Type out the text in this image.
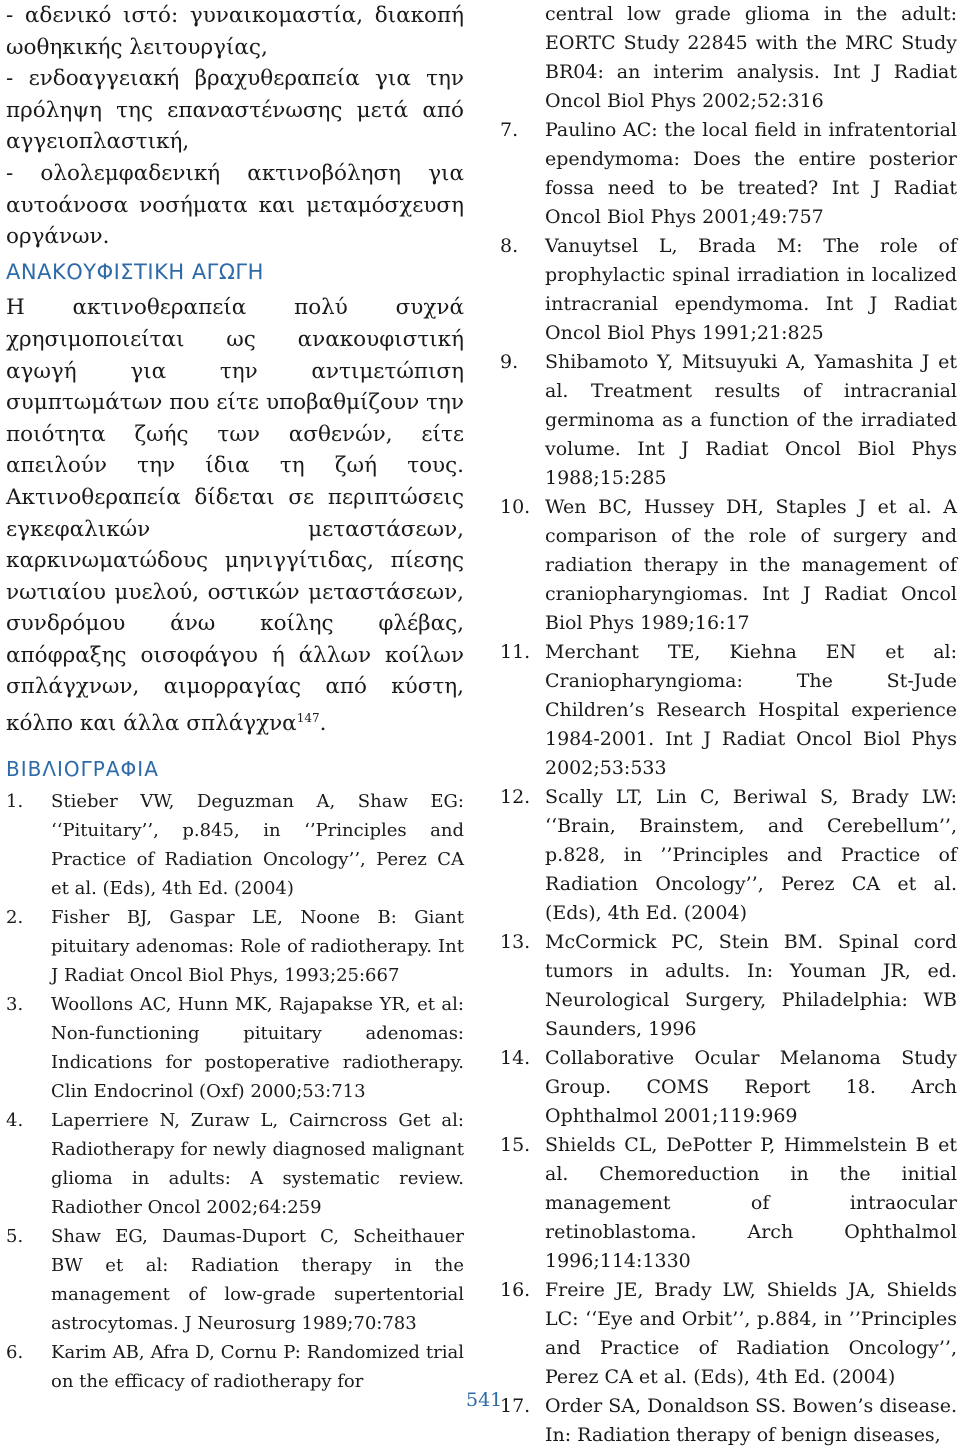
- αδενικό ιστό: γυναικομαστία, διακοπή ωοθηκικής λειτουργίας,

- ενδοαγγειακή βραχυθεραπεία για την πρόληψη της επαναστένωσης μετά από αγγειοπλαστική,

- ολολεμφαδενική ακτινοβόληση για αυτοάνοσα νοσήματα και μεταμόσχευση οργάνων.

ΑΝΑΚΟΥΦΙΣΤΙΚΗ ΑΓΩΓΗ

Η ακτινοθεραπεία πολύ συχνά χρησιμοποιείται ως ανακουφιστική αγωγή για την αντιμετώπιση συμπτωμάτων που είτε υποβαθμίζουν την ποιότητα ζωής των ασθενών, είτε απειλούν την ίδια τη ζωή τους. Ακτινοθεραπεία δίδεται σε περιπτώσεις εγκεφαλικών μεταστάσεων, καρκινωματώδους μηνιγγίτιδας, πίεσης νωτιαίου μυελού, οστικών μεταστάσεων, συνδρόμου άνω κοίλης φλέβας, απόφραξης οισοφάγου ή άλλων κοίλων σπλάγχνων, αιμορραγίας από κύστη, κόλπο και άλλα σπλάγχνα$^{147}$.

ΒΙΒΛΙΟΓΡΑΦΙΑ
1. Stieber VW, Deguzman A, Shaw EG: ‘‘Pituitary’’, p.845, in ‘’Principles and Practice of Radiation Oncology’’, Perez CA et al. (Eds), 4th Ed. (2004)
2. Fisher BJ, Gaspar LE, Noone B: Giant pituitary adenomas: Role of radiotherapy. Int J Radiat Oncol Biol Phys, 1993;25:667
3. Woollons AC, Hunn MK, Rajapakse YR, et al: Non-functioning pituitary adenomas: Indications for postoperative radiotherapy. Clin Endocrinol (Oxf) 2000;53:713
4. Laperriere N, Zuraw L, Cairncross Get al: Radiotherapy for newly diagnosed malignant glioma in adults: A systematic review. Radiother Oncol 2002;64:259
5. Shaw EG, Daumas-Duport C, Scheithauer BW et al: Radiation therapy in the management of low-grade supertentorial astrocytomas. J Neurosurg 1989;70:783
6. Karim AB, Afra D, Cornu P: Randomized trial on the efficacy of radiotherapy for

central low grade glioma in the adult: EORTC Study 22845 with the MRC Study BR04: an interim analysis. Int J Radiat Oncol Biol Phys 2002;52:316

7. Paulino AC: the local field in infratentorial ependymoma: Does the entire posterior fossa need to be treated? Int J Radiat Oncol Biol Phys 2001;49:757
8. Vanuytsel L, Brada M: The role of prophylactic spinal irradiation in localized intracranial ependymoma. Int J Radiat Oncol Biol Phys 1991;21:825
9. Shibamoto Y, Mitsuyuki A, Yamashita J et al. Treatment results of intracranial germinoma as a function of the irradiated volume. Int J Radiat Oncol Biol Phys 1988;15:285
10. Wen BC, Hussey DH, Staples J et al. A comparison of the role of surgery and radiation therapy in the management of craniopharyngiomas. Int J Radiat Oncol Biol Phys 1989;16:17
11. Merchant TE, Kiehna EN et al: Craniopharyngioma: The St-Jude Children’s Research Hospital experience 1984-2001. Int J Radiat Oncol Biol Phys 2002;53:533
12. Scally LT, Lin C, Beriwal S, Brady LW: ‘‘Brain, Brainstem, and Cerebellum’’, p.828, in ’’Principles and Practice of Radiation Oncology’’, Perez CA et al. (Eds), 4th Ed. (2004)
13. McCormick PC, Stein BM. Spinal cord tumors in adults. In: Youman JR, ed. Neurological Surgery, Philadelphia: WB Saunders, 1996
14. Collaborative Ocular Melanoma Study Group. COMS Report 18. Arch Ophthalmol 2001;119:969
15. Shields CL, DePotter P, Himmelstein B et al. Chemoreduction in the initial management of intraocular retinoblastoma. Arch Ophthalmol 1996;114:1330
16. Freire JE, Brady LW, Shields JA, Shields LC: ‘‘Eye and Orbit’’, p.884, in ’’Principles and Practice of Radiation Oncology’’, Perez CA et al. (Eds), 4th Ed. (2004)
17. Order SA, Donaldson SS. Bowen’s disease. In: Radiation therapy of benign diseases,
541
